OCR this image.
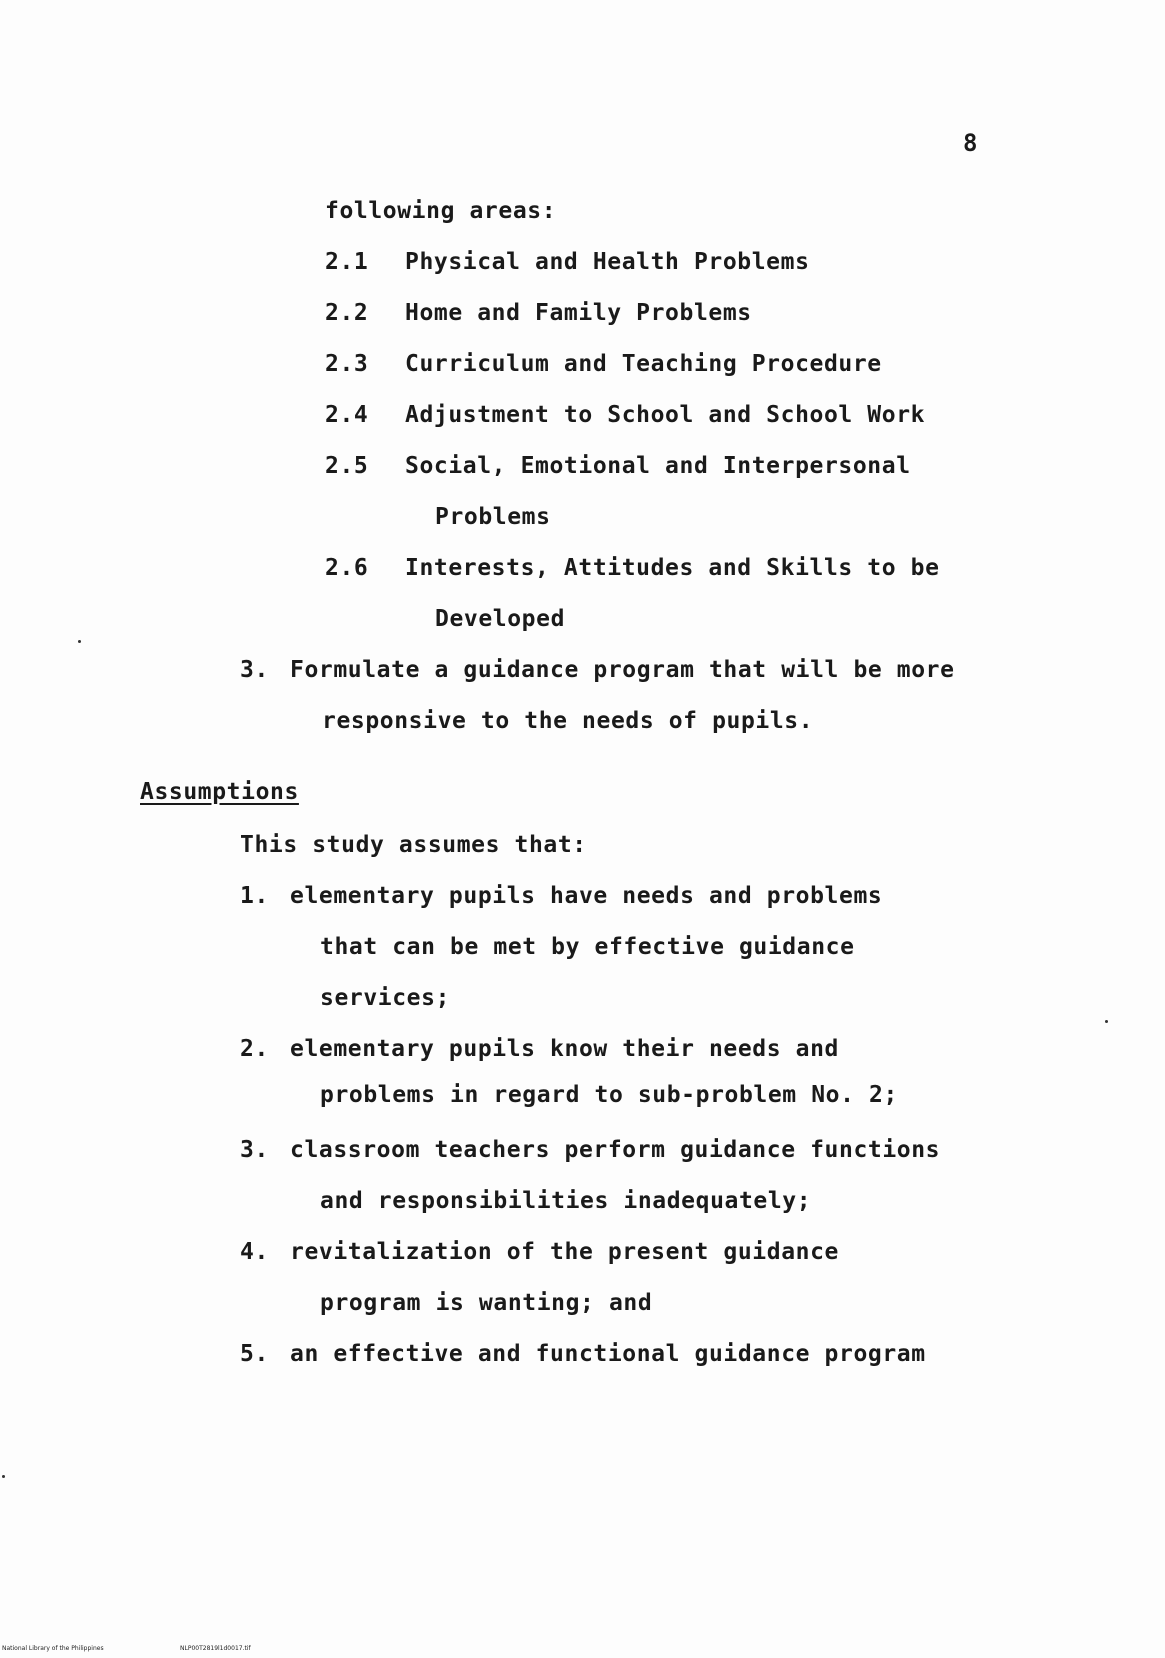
8
following areas:
2.1 Physical and Health Problems
2.2 Home and Family Problems
2.3 Curriculum and Teaching Procedure
2.4 Adjustment to School and School Work
2.5 Social, Emotional and Interpersonal
Problems
2.6 Interests, Attitudes and Skills to be
Developed
3. Formulate a guidance program that will be more
responsive to the needs of pupils.
Assumptions
This study assumes that:
1. elementary pupils have needs and problems
that can be met by effective guidance
services;
2. elementary pupils know their needs and
problems in regard to sub-problem No. 2;
3. classroom teachers perform guidance functions
and responsibilities inadequately;
4. revitalization of the present guidance
program is wanting; and
5. an effective and functional guidance program
National Library of the Philippines	NLP00T2819l1d0017.tif
